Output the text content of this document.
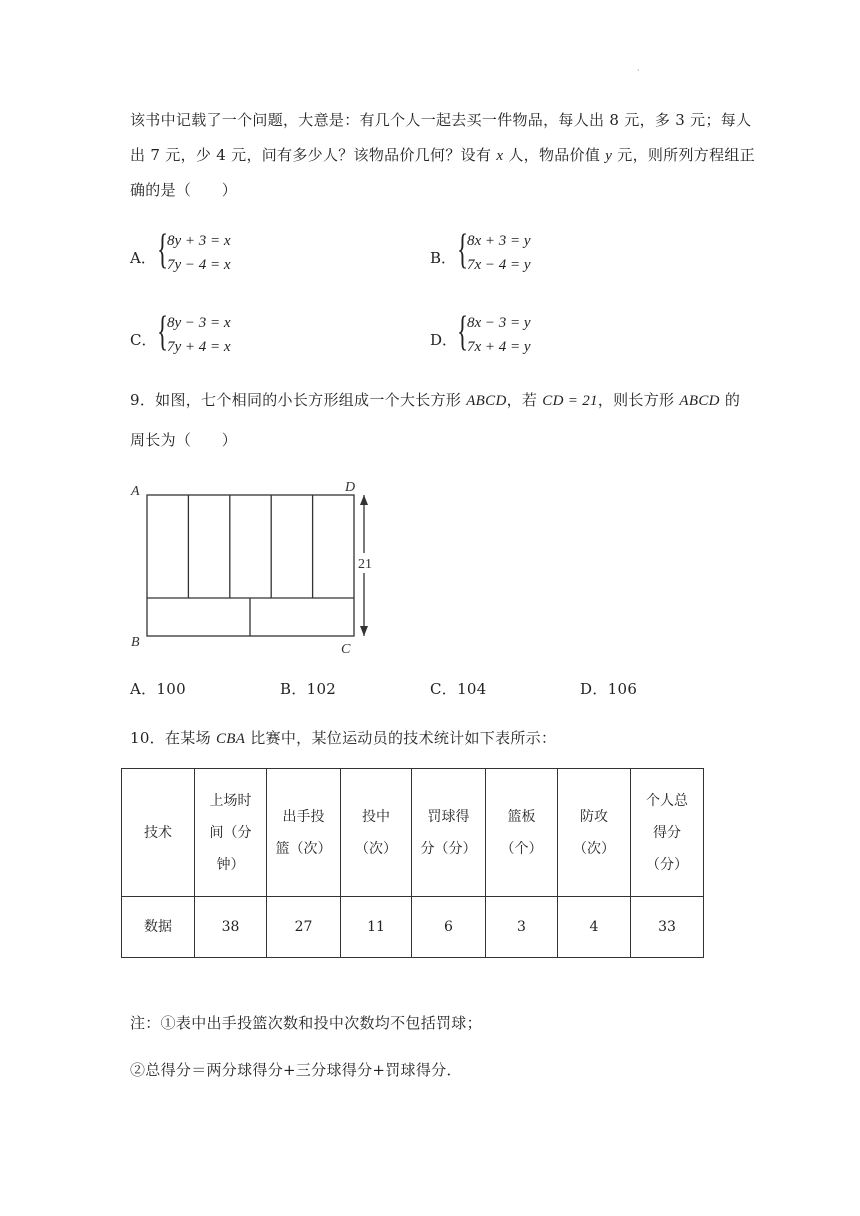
·
该书中记载了一个问题，大意是：有几个人一起去买一件物品，每人出 8 元，多 3 元；每人
出 7 元，少 4 元，问有多少人？该物品价几何？设有 x 人，物品价值 y 元，则所列方程组正
确的是（　　）
A． {
8y + 3 = x
7y − 4 = x	B． {
8x + 3 = y
7x − 4 = y
C． {
8y − 3 = x
7y + 4 = x	D． {
8x − 3 = y
7x + 4 = y
9．如图，七个相同的小长方形组成一个大长方形 ABCD，若 CD = 21，则长方形 ABCD 的
周长为（　　）
A
B	C
D
21
A．100	B．102	C．104	D．106
10．在某场 CBA 比赛中，某位运动员的技术统计如下表所示：
技术	上场时
间（分
钟）	出手投
篮（次）	投中
（次）	罚球得
分（分）	篮板
（个）	防攻
（次）	个人总
得分
（分）
数据	38	27	11	6	3	4	33
注：①表中出手投篮次数和投中次数均不包括罚球；
②总得分＝两分球得分+三分球得分+罚球得分．
